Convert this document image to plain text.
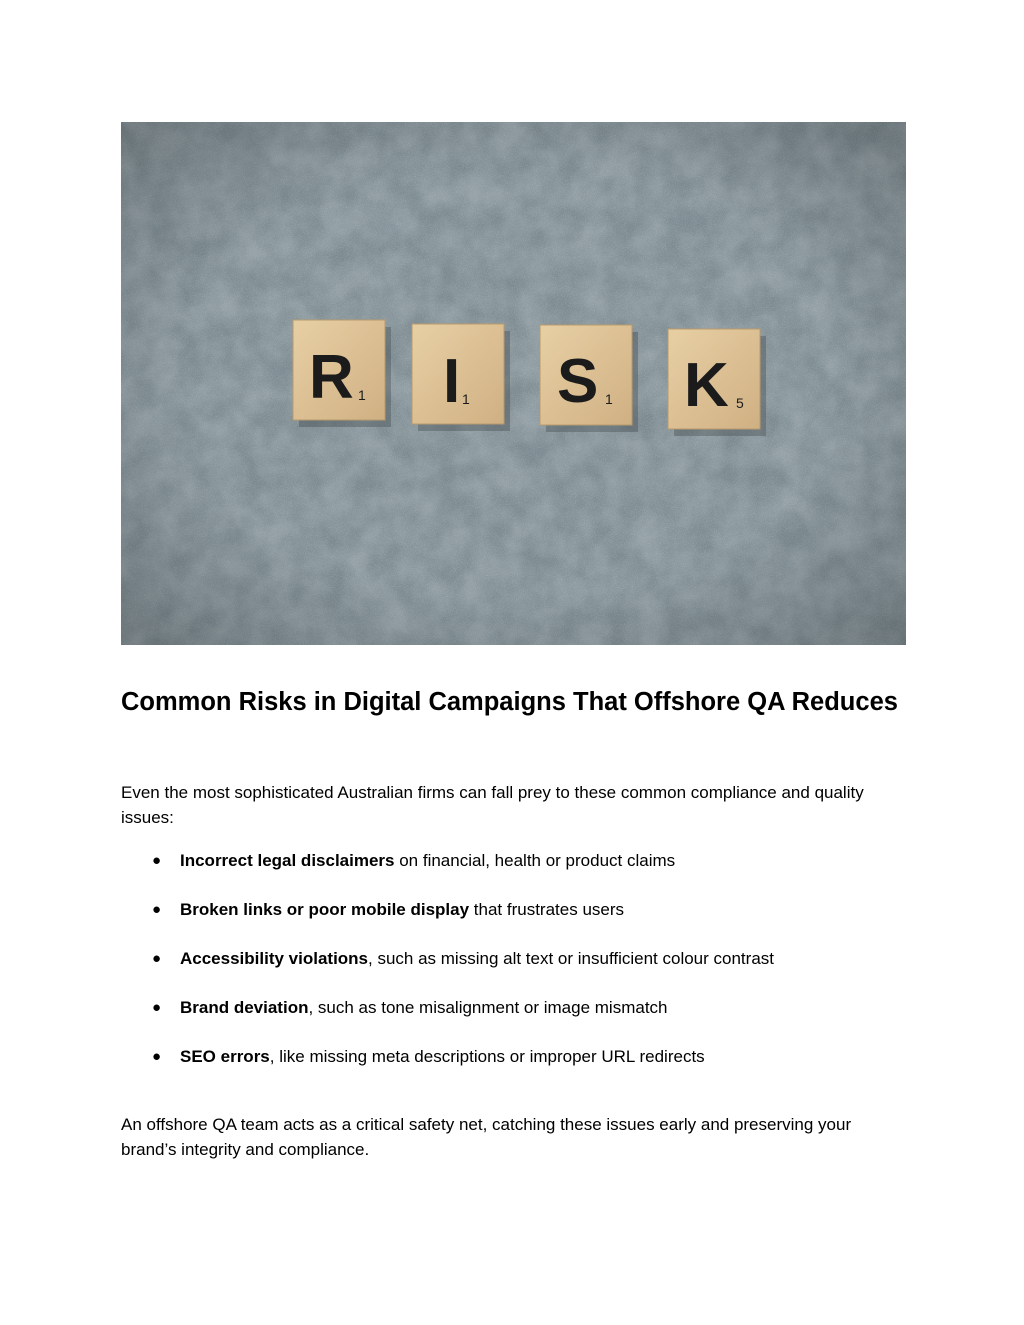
R 1 I 1 S 1 K 5
Common Risks in Digital Campaigns That Offshore QA Reduces

Even the most sophisticated Australian firms can fall prey to these common compliance and quality issues:

● Incorrect legal disclaimers on financial, health or product claims
● Broken links or poor mobile display that frustrates users
● Accessibility violations, such as missing alt text or insufficient colour contrast
● Brand deviation, such as tone misalignment or image mismatch
● SEO errors, like missing meta descriptions or improper URL redirects

An offshore QA team acts as a critical safety net, catching these issues early and preserving your brand’s integrity and compliance.
